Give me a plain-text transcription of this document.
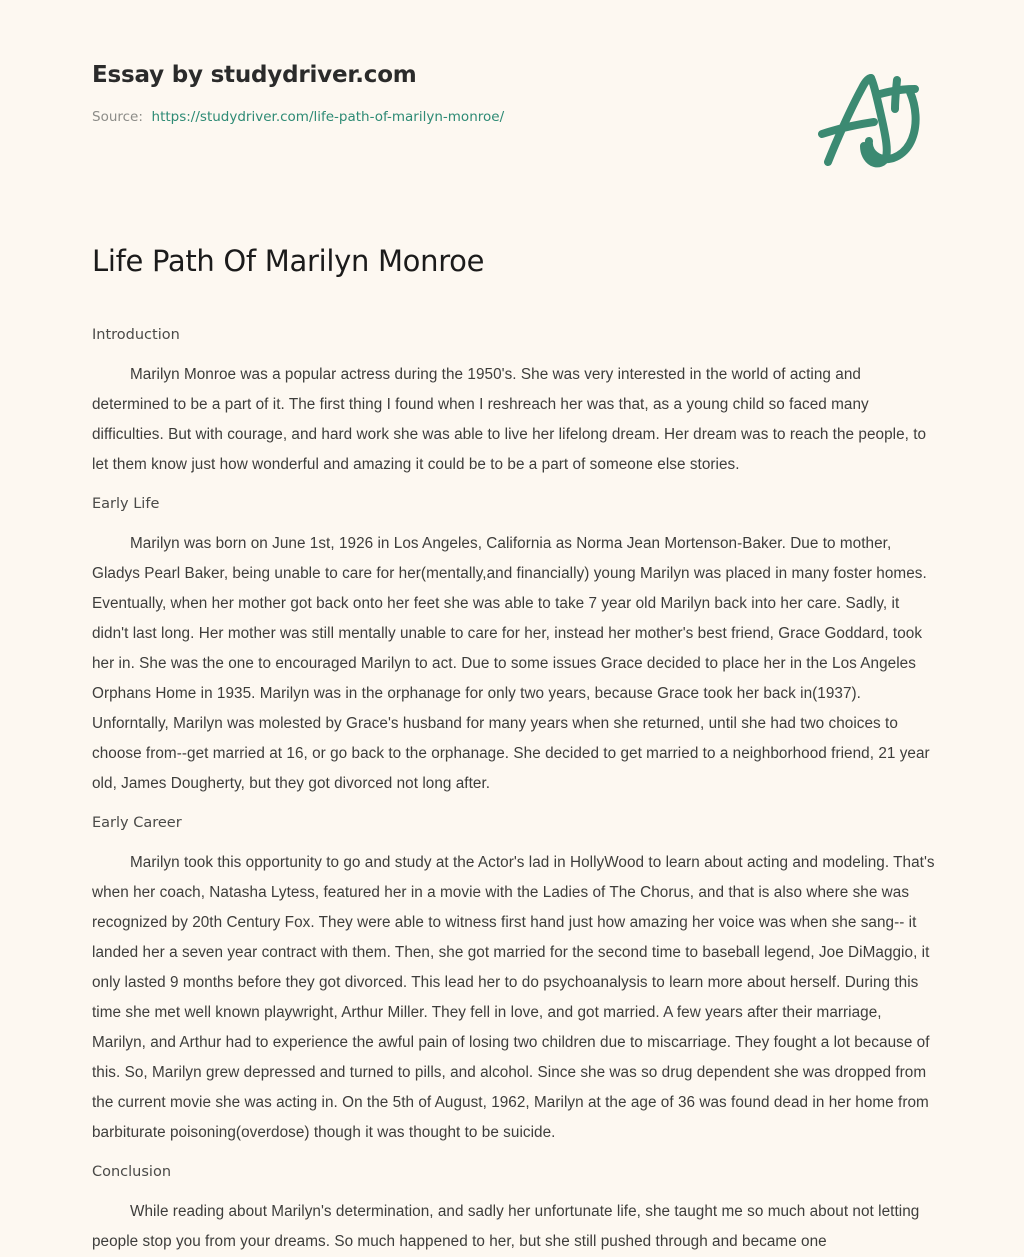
Essay by studydriver.com
Source: https://studydriver.com/life-path-of-marilyn-monroe/
Life Path Of Marilyn Monroe
Introduction

Marilyn Monroe was a popular actress during the 1950's. She was very interested in the world of acting and determined to be a part of it. The first thing I found when I reshreach her was that, as a young child so faced many difficulties. But with courage, and hard work she was able to live her lifelong dream. Her dream was to reach the people, to let them know just how wonderful and amazing it could be to be a part of someone else stories.

Early Life

Marilyn was born on June 1st, 1926 in Los Angeles, California as Norma Jean Mortenson-Baker. Due to mother, Gladys Pearl Baker, being unable to care for her(mentally,and financially) young Marilyn was placed in many foster homes. Eventually, when her mother got back onto her feet she was able to take 7 year old Marilyn back into her care. Sadly, it didn't last long. Her mother was still mentally unable to care for her, instead her mother's best friend, Grace Goddard, took her in. She was the one to encouraged Marilyn to act. Due to some issues Grace decided to place her in the Los Angeles Orphans Home in 1935. Marilyn was in the orphanage for only two years, because Grace took her back in(1937). Unforntally, Marilyn was molested by Grace's husband for many years when she returned, until she had two choices to choose from--get married at 16, or go back to the orphanage. She decided to get married to a neighborhood friend, 21 year old, James Dougherty, but they got divorced not long after.

Early Career

Marilyn took this opportunity to go and study at the Actor's lad in HollyWood to learn about acting and modeling. That's when her coach, Natasha Lytess, featured her in a movie with the Ladies of The Chorus, and that is also where she was recognized by 20th Century Fox. They were able to witness first hand just how amazing her voice was when she sang-- it landed her a seven year contract with them. Then, she got married for the second time to baseball legend, Joe DiMaggio, it only lasted 9 months before they got divorced. This lead her to do psychoanalysis to learn more about herself. During this time she met well known playwright, Arthur Miller. They fell in love, and got married. A few years after their marriage, Marilyn, and Arthur had to experience the awful pain of losing two children due to miscarriage. They fought a lot because of this. So, Marilyn grew depressed and turned to pills, and alcohol. Since she was so drug dependent she was dropped from the current movie she was acting in. On the 5th of August, 1962, Marilyn at the age of 36 was found dead in her home from barbiturate poisoning(overdose) though it was thought to be suicide.

Conclusion

While reading about Marilyn's determination, and sadly her unfortunate life, she taught me so much about not letting people stop you from your dreams. So much happened to her, but she still pushed through and became one
